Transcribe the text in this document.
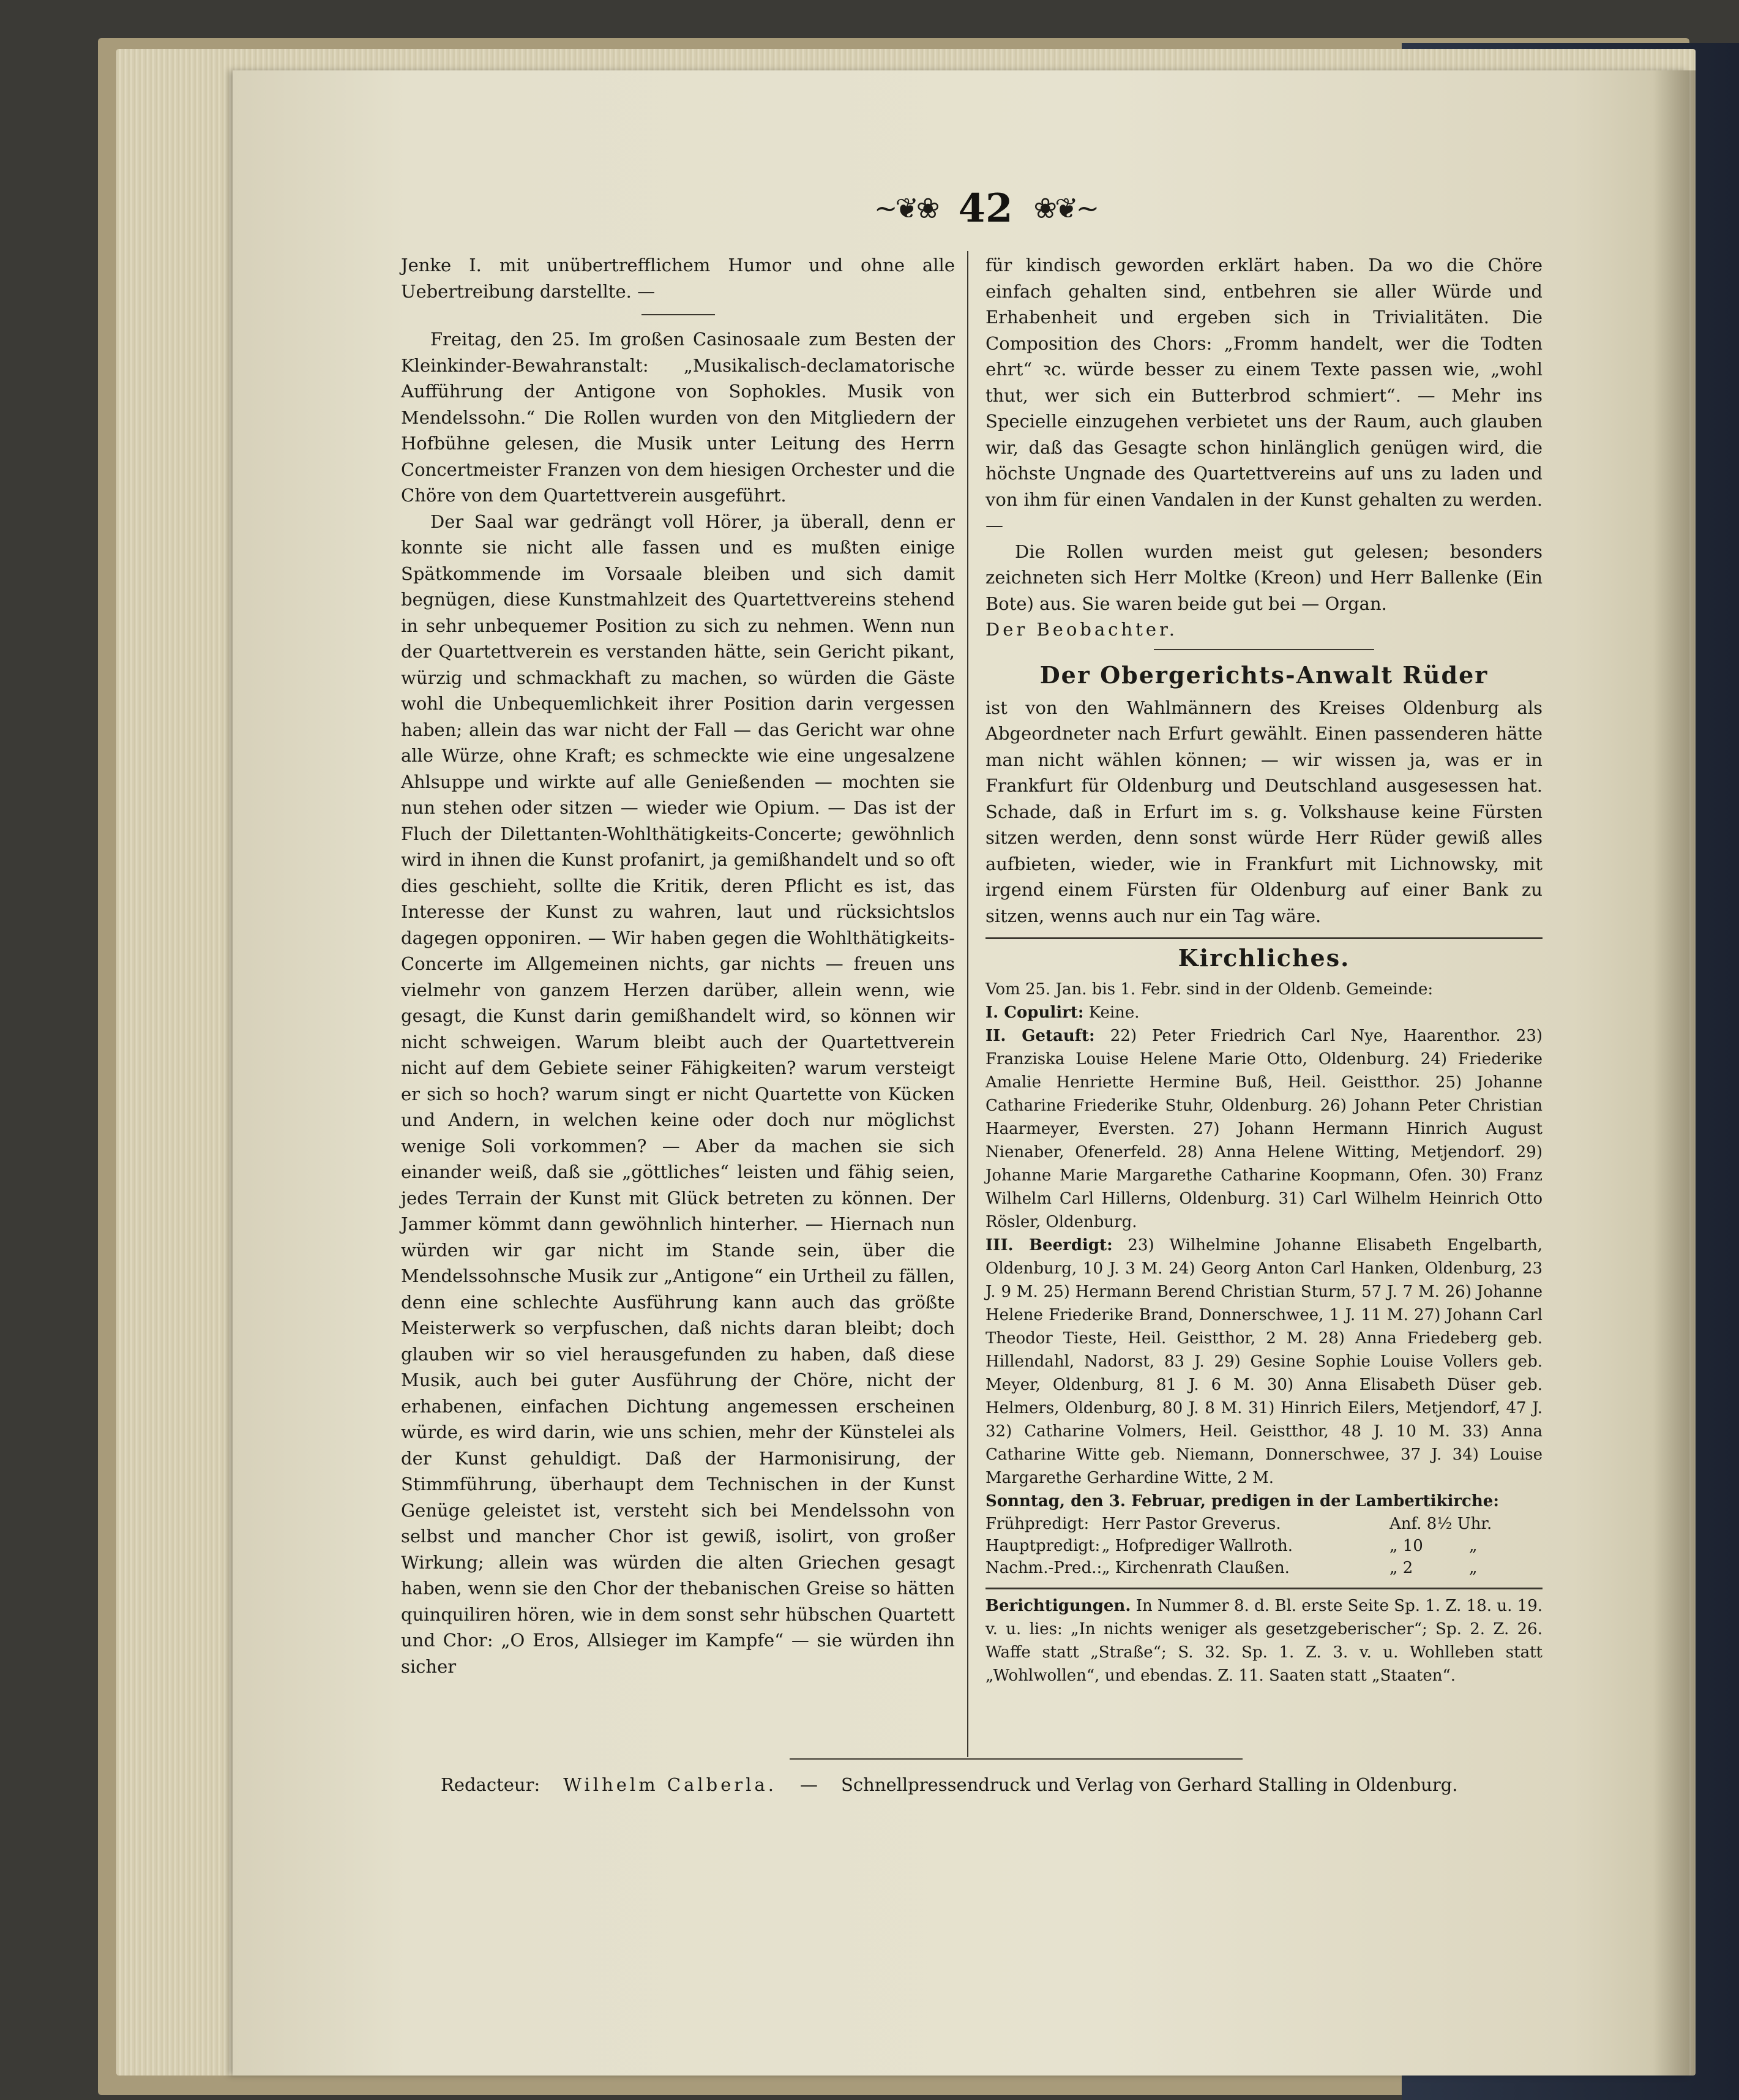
~❦❀ 42 ❀❦~

Jenke I. mit unübertrefflichem Humor und ohne alle Uebertreibung darstellte. —

Freitag, den 25. Im großen Casinosaale zum Besten der Kleinkinder-Bewahranstalt: „Musikalisch-declamatorische Aufführung der Antigone von Sophokles. Musik von Mendelssohn.“ Die Rollen wurden von den Mitgliedern der Hofbühne gelesen, die Musik unter Leitung des Herrn Concertmeister Franzen von dem hiesigen Orchester und die Chöre von dem Quartettverein ausgeführt.

Der Saal war gedrängt voll Hörer, ja überall, denn er konnte sie nicht alle fassen und es mußten einige Spätkommende im Vorsaale bleiben und sich damit begnügen, diese Kunstmahlzeit des Quartettvereins stehend in sehr unbequemer Position zu sich zu nehmen. Wenn nun der Quartettverein es verstanden hätte, sein Gericht pikant, würzig und schmackhaft zu machen, so würden die Gäste wohl die Unbequemlichkeit ihrer Position darin vergessen haben; allein das war nicht der Fall — das Gericht war ohne alle Würze, ohne Kraft; es schmeckte wie eine ungesalzene Ahlsuppe und wirkte auf alle Genießenden — mochten sie nun stehen oder sitzen — wieder wie Opium. — Das ist der Fluch der Dilettanten-Wohlthätigkeits-Concerte; gewöhnlich wird in ihnen die Kunst profanirt, ja gemißhandelt und so oft dies geschieht, sollte die Kritik, deren Pflicht es ist, das Interesse der Kunst zu wahren, laut und rücksichtslos dagegen opponiren. — Wir haben gegen die Wohlthätigkeits-Concerte im Allgemeinen nichts, gar nichts — freuen uns vielmehr von ganzem Herzen darüber, allein wenn, wie gesagt, die Kunst darin gemißhandelt wird, so können wir nicht schweigen. Warum bleibt auch der Quartettverein nicht auf dem Gebiete seiner Fähigkeiten? warum versteigt er sich so hoch? warum singt er nicht Quartette von Kücken und Andern, in welchen keine oder doch nur möglichst wenige Soli vorkommen? — Aber da machen sie sich einander weiß, daß sie „göttliches“ leisten und fähig seien, jedes Terrain der Kunst mit Glück betreten zu können. Der Jammer kömmt dann gewöhnlich hinterher. — Hiernach nun würden wir gar nicht im Stande sein, über die Mendelssohnsche Musik zur „Antigone“ ein Urtheil zu fällen, denn eine schlechte Ausführung kann auch das größte Meisterwerk so verpfuschen, daß nichts daran bleibt; doch glauben wir so viel herausgefunden zu haben, daß diese Musik, auch bei guter Ausführung der Chöre, nicht der erhabenen, einfachen Dichtung angemessen erscheinen würde, es wird darin, wie uns schien, mehr der Künstelei als der Kunst gehuldigt. Daß der Harmonisirung, der Stimmführung, überhaupt dem Technischen in der Kunst Genüge geleistet ist, versteht sich bei Mendelssohn von selbst und mancher Chor ist gewiß, isolirt, von großer Wirkung; allein was würden die alten Griechen gesagt haben, wenn sie den Chor der thebanischen Greise so hätten quinquiliren hören, wie in dem sonst sehr hübschen Quartett und Chor: „O Eros, Allsieger im Kampfe“ — sie würden ihn sicher

für kindisch geworden erklärt haben. Da wo die Chöre einfach gehalten sind, entbehren sie aller Würde und Erhabenheit und ergeben sich in Trivialitäten. Die Composition des Chors: „Fromm handelt, wer die Todten ehrt“ ꝛc. würde besser zu einem Texte passen wie, „wohl thut, wer sich ein Butterbrod schmiert“. — Mehr ins Specielle einzugehen verbietet uns der Raum, auch glauben wir, daß das Gesagte schon hinlänglich genügen wird, die höchste Ungnade des Quartettvereins auf uns zu laden und von ihm für einen Vandalen in der Kunst gehalten zu werden. —

Die Rollen wurden meist gut gelesen; besonders zeichneten sich Herr Moltke (Kreon) und Herr Ballenke (Ein Bote) aus. Sie waren beide gut bei — Organ.

Der Beobachter.

Der Obergerichts-Anwalt Rüder

ist von den Wahlmännern des Kreises Oldenburg als Abgeordneter nach Erfurt gewählt. Einen passenderen hätte man nicht wählen können; — wir wissen ja, was er in Frankfurt für Oldenburg und Deutschland ausgesessen hat. Schade, daß in Erfurt im s. g. Volkshause keine Fürsten sitzen werden, denn sonst würde Herr Rüder gewiß alles aufbieten, wieder, wie in Frankfurt mit Lichnowsky, mit irgend einem Fürsten für Oldenburg auf einer Bank zu sitzen, wenns auch nur ein Tag wäre.

Kirchliches.

Vom 25. Jan. bis 1. Febr. sind in der Oldenb. Gemeinde:

I. Copulirt: Keine.
II. Getauft: 22) Peter Friedrich Carl Nye, Haarenthor. 23) Franziska Louise Helene Marie Otto, Oldenburg. 24) Friederike Amalie Henriette Hermine Buß, Heil. Geistthor. 25) Johanne Catharine Friederike Stuhr, Oldenburg. 26) Johann Peter Christian Haarmeyer, Eversten. 27) Johann Hermann Hinrich August Nienaber, Ofenerfeld. 28) Anna Helene Witting, Metjendorf. 29) Johanne Marie Margarethe Catharine Koopmann, Ofen. 30) Franz Wilhelm Carl Hillerns, Oldenburg. 31) Carl Wilhelm Heinrich Otto Rösler, Oldenburg.
III. Beerdigt: 23) Wilhelmine Johanne Elisabeth Engelbarth, Oldenburg, 10 J. 3 M. 24) Georg Anton Carl Hanken, Oldenburg, 23 J. 9 M. 25) Hermann Berend Christian Sturm, 57 J. 7 M. 26) Johanne Helene Friederike Brand, Donnerschwee, 1 J. 11 M. 27) Johann Carl Theodor Tieste, Heil. Geistthor, 2 M. 28) Anna Friedeberg geb. Hillendahl, Nadorst, 83 J. 29) Gesine Sophie Louise Vollers geb. Meyer, Oldenburg, 81 J. 6 M. 30) Anna Elisabeth Düser geb. Helmers, Oldenburg, 80 J. 8 M. 31) Hinrich Eilers, Metjendorf, 47 J. 32) Catharine Volmers, Heil. Geistthor, 48 J. 10 M. 33) Anna Catharine Witte geb. Niemann, Donnerschwee, 37 J. 34) Louise Margarethe Gerhardine Witte, 2 M.
Sonntag, den 3. Februar, predigen in der Lambertikirche:
Frühpredigt: Herr Pastor Greverus.	Anf. 8½ Uhr.
Hauptpredigt: „ Hofprediger Wallroth.	„ 10	„
Nachm.-Pred.: „ Kirchenrath Claußen.	„ 2	„
Berichtigungen. In Nummer 8. d. Bl. erste Seite Sp. 1. Z. 18. u. 19. v. u. lies: „In nichts weniger als gesetzgeberischer“; Sp. 2. Z. 26. Waffe statt „Straße“; S. 32. Sp. 1. Z. 3. v. u. Wohlleben statt „Wohlwollen“, und ebendas. Z. 11. Saaten statt „Staaten“.
Redacteur: Wilhelm Calberla. — Schnellpressendruck und Verlag von Gerhard Stalling in Oldenburg.
